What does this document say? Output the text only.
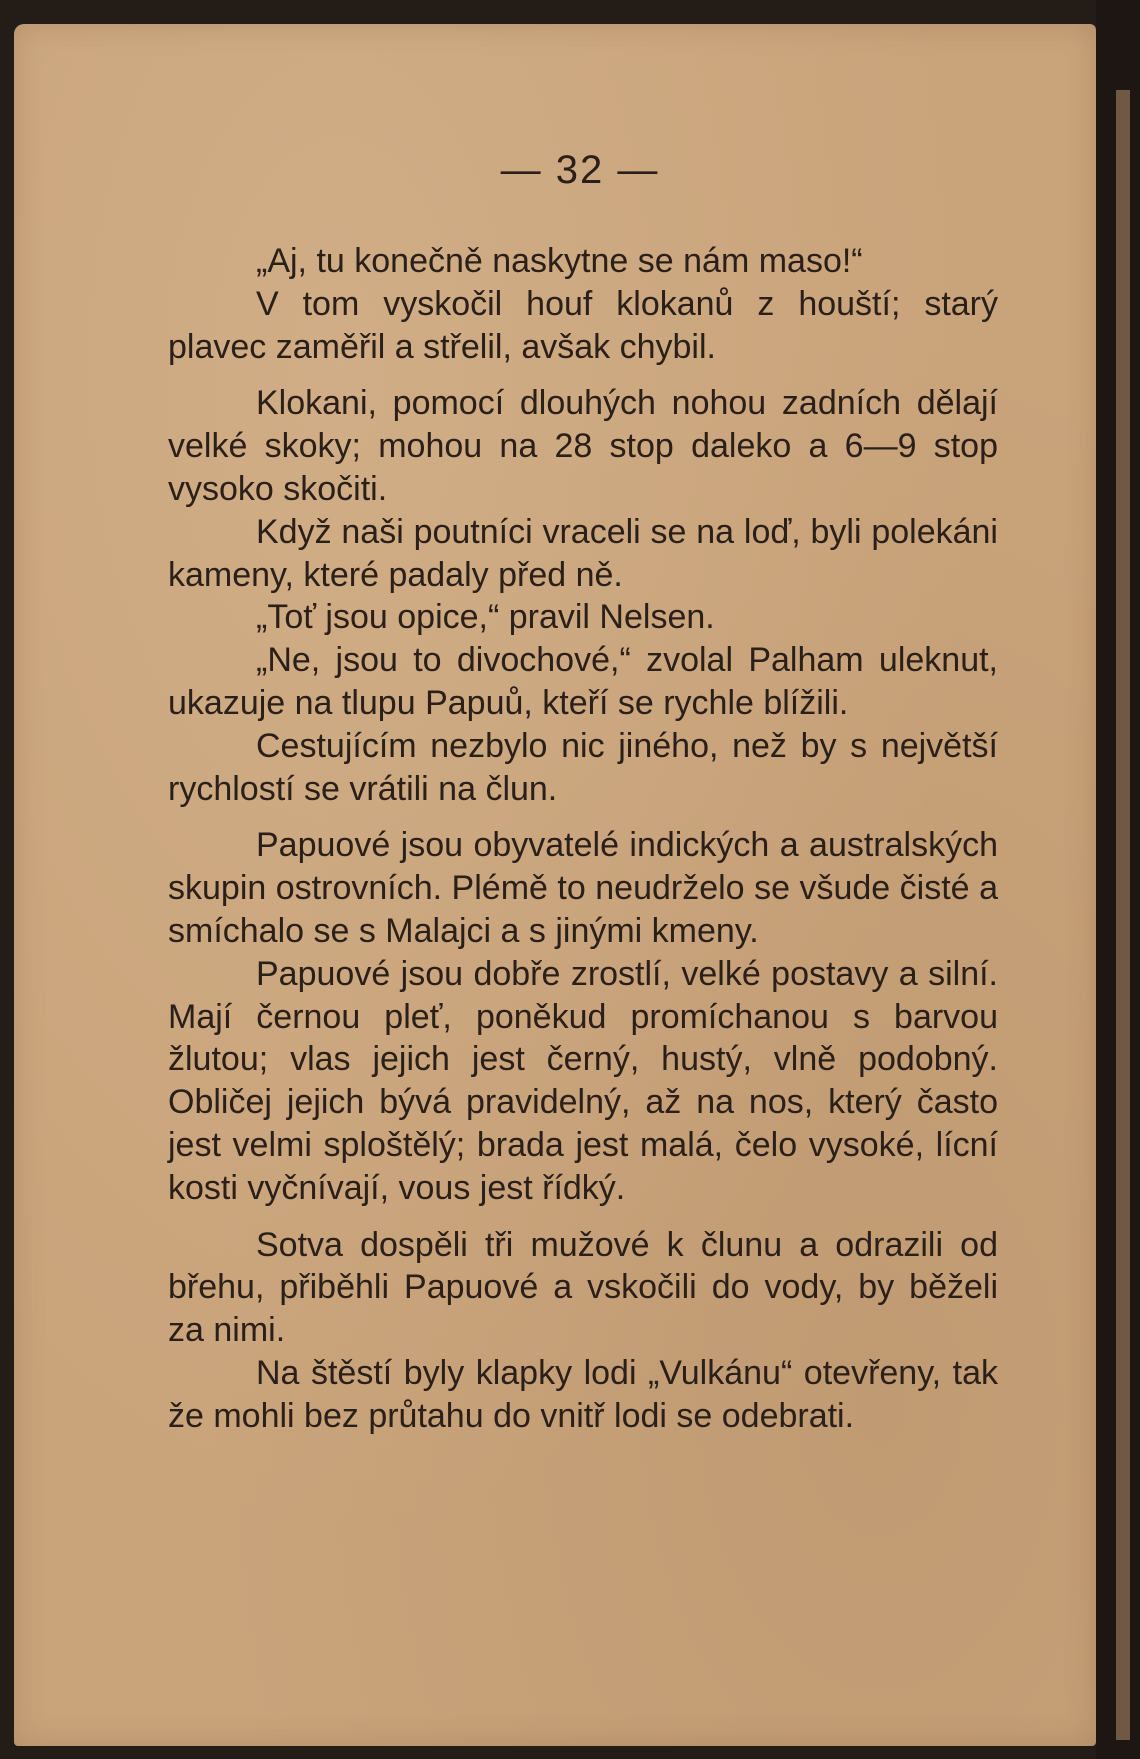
— 32 —

„Aj, tu konečně naskytne se nám maso!“

V tom vyskočil houf klokanů z houští; starý plavec zaměřil a střelil, avšak chybil.

Klokani, pomocí dlouhých nohou zadních dělají velké skoky; mohou na 28 stop daleko a 6—9 stop vysoko skočiti.

Když naši poutníci vraceli se na loď, byli polekáni kameny, které padaly před ně.

„Toť jsou opice,“ pravil Nelsen.

„Ne, jsou to divochové,“ zvolal Palham uleknut, ukazuje na tlupu Papuů, kteří se rychle blížili.

Cestujícím nezbylo nic jiného, než by s největší rychlostí se vrátili na člun.

Papuové jsou obyvatelé indických a australských skupin ostrovních. Plémě to neudrželo se všude čisté a smíchalo se s Malajci a s jinými kmeny.

Papuové jsou dobře zrostlí, velké postavy a silní. Mají černou pleť, poněkud promíchanou s barvou žlutou; vlas jejich jest černý, hustý, vlně podobný. Obličej jejich bývá pravidelný, až na nos, který často jest velmi sploštělý; brada jest malá, čelo vysoké, lícní kosti vyčnívají, vous jest řídký.

Sotva dospěli tři mužové k člunu a odrazili od břehu, přiběhli Papuové a vskočili do vody, by běželi za nimi.

Na štěstí byly klapky lodi „Vulkánu“ otevřeny, tak že mohli bez průtahu do vnitř lodi se odebrati.
